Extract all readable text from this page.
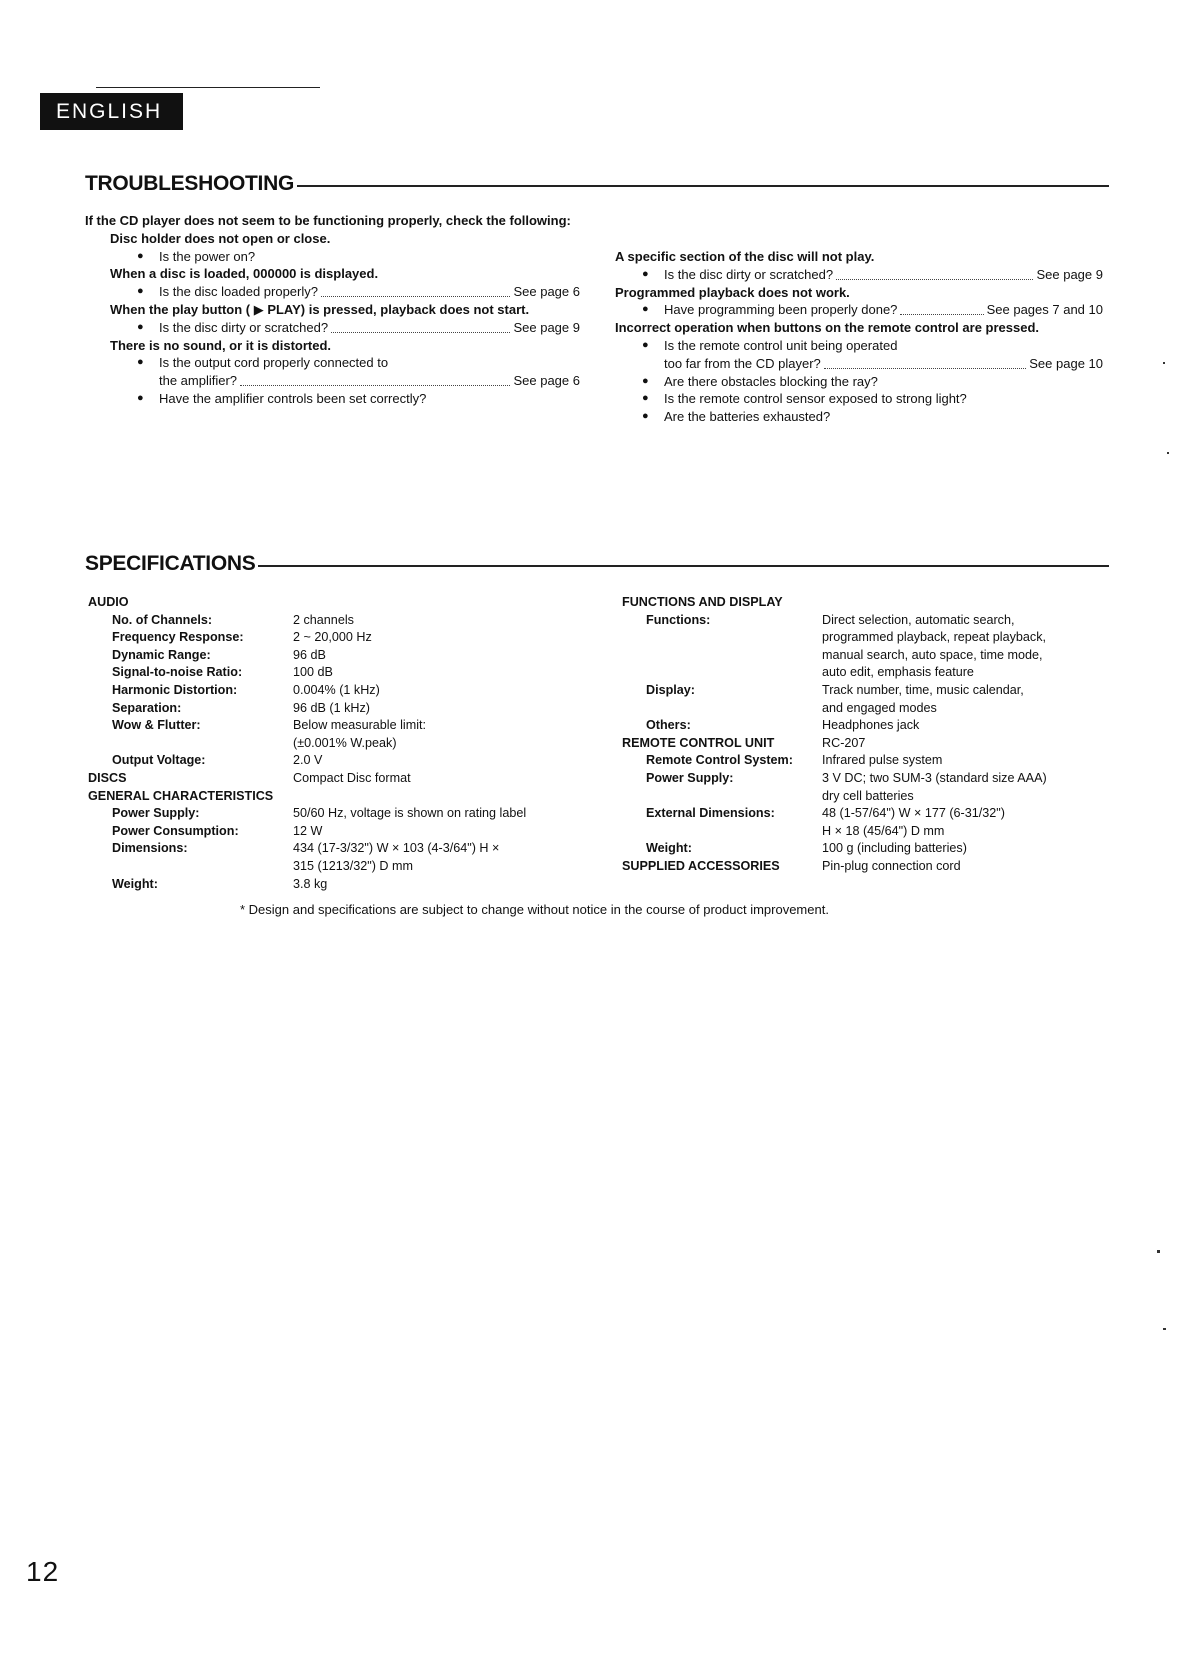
ENGLISH
TROUBLESHOOTING

If the CD player does not seem to be functioning properly, check the following:

Disc holder does not open or close.

●	Is the power on?

When a disc is loaded, 000000 is displayed.

●	Is the disc loaded properly?	See page 6

When the play button ( ▶ PLAY) is pressed, playback does not start.

●	Is the disc dirty or scratched?	See page 9

There is no sound, or it is distorted.

●	Is the output cord properly connected to
the amplifier?	See page 6
●	Have the amplifier controls been set correctly?

A specific section of the disc will not play.

●	Is the disc dirty or scratched?	See page 9

Programmed playback does not work.

●	Have programming been properly done?	See pages 7 and 10

Incorrect operation when buttons on the remote control are pressed.

●	Is the remote control unit being operated
too far from the CD player?	See page 10
●	Are there obstacles blocking the ray?
●	Is the remote control sensor exposed to strong light?
●	Are the batteries exhausted?
SPECIFICATIONS
AUDIO
No. of Channels:	2 channels
Frequency Response:	2 ~ 20,000 Hz
Dynamic Range:	96 dB
Signal-to-noise Ratio:	100 dB
Harmonic Distortion:	0.004% (1 kHz)
Separation:	96 dB (1 kHz)
Wow & Flutter:	Below measurable limit:
(±0.001% W.peak)
Output Voltage:	2.0 V
DISCS	Compact Disc format
GENERAL CHARACTERISTICS
Power Supply:	50/60 Hz, voltage is shown on rating label
Power Consumption:	12 W
Dimensions:	434 (17-3/32") W × 103 (4-3/64") H ×
315 (1213/32") D mm
Weight:	3.8 kg
FUNCTIONS AND DISPLAY
Functions:	Direct selection, automatic search,
programmed playback, repeat playback,
manual search, auto space, time mode,
auto edit, emphasis feature
Display:	Track number, time, music calendar,
and engaged modes
Others:	Headphones jack
REMOTE CONTROL UNIT	RC-207
Remote Control System:	Infrared pulse system
Power Supply:	3 V DC; two SUM-3 (standard size AAA)
dry cell batteries
External Dimensions:	48 (1-57/64") W × 177 (6-31/32")
H × 18 (45/64") D mm
Weight:	100 g (including batteries)
SUPPLIED ACCESSORIES	Pin-plug connection cord
* Design and specifications are subject to change without notice in the course of product improvement.
12
